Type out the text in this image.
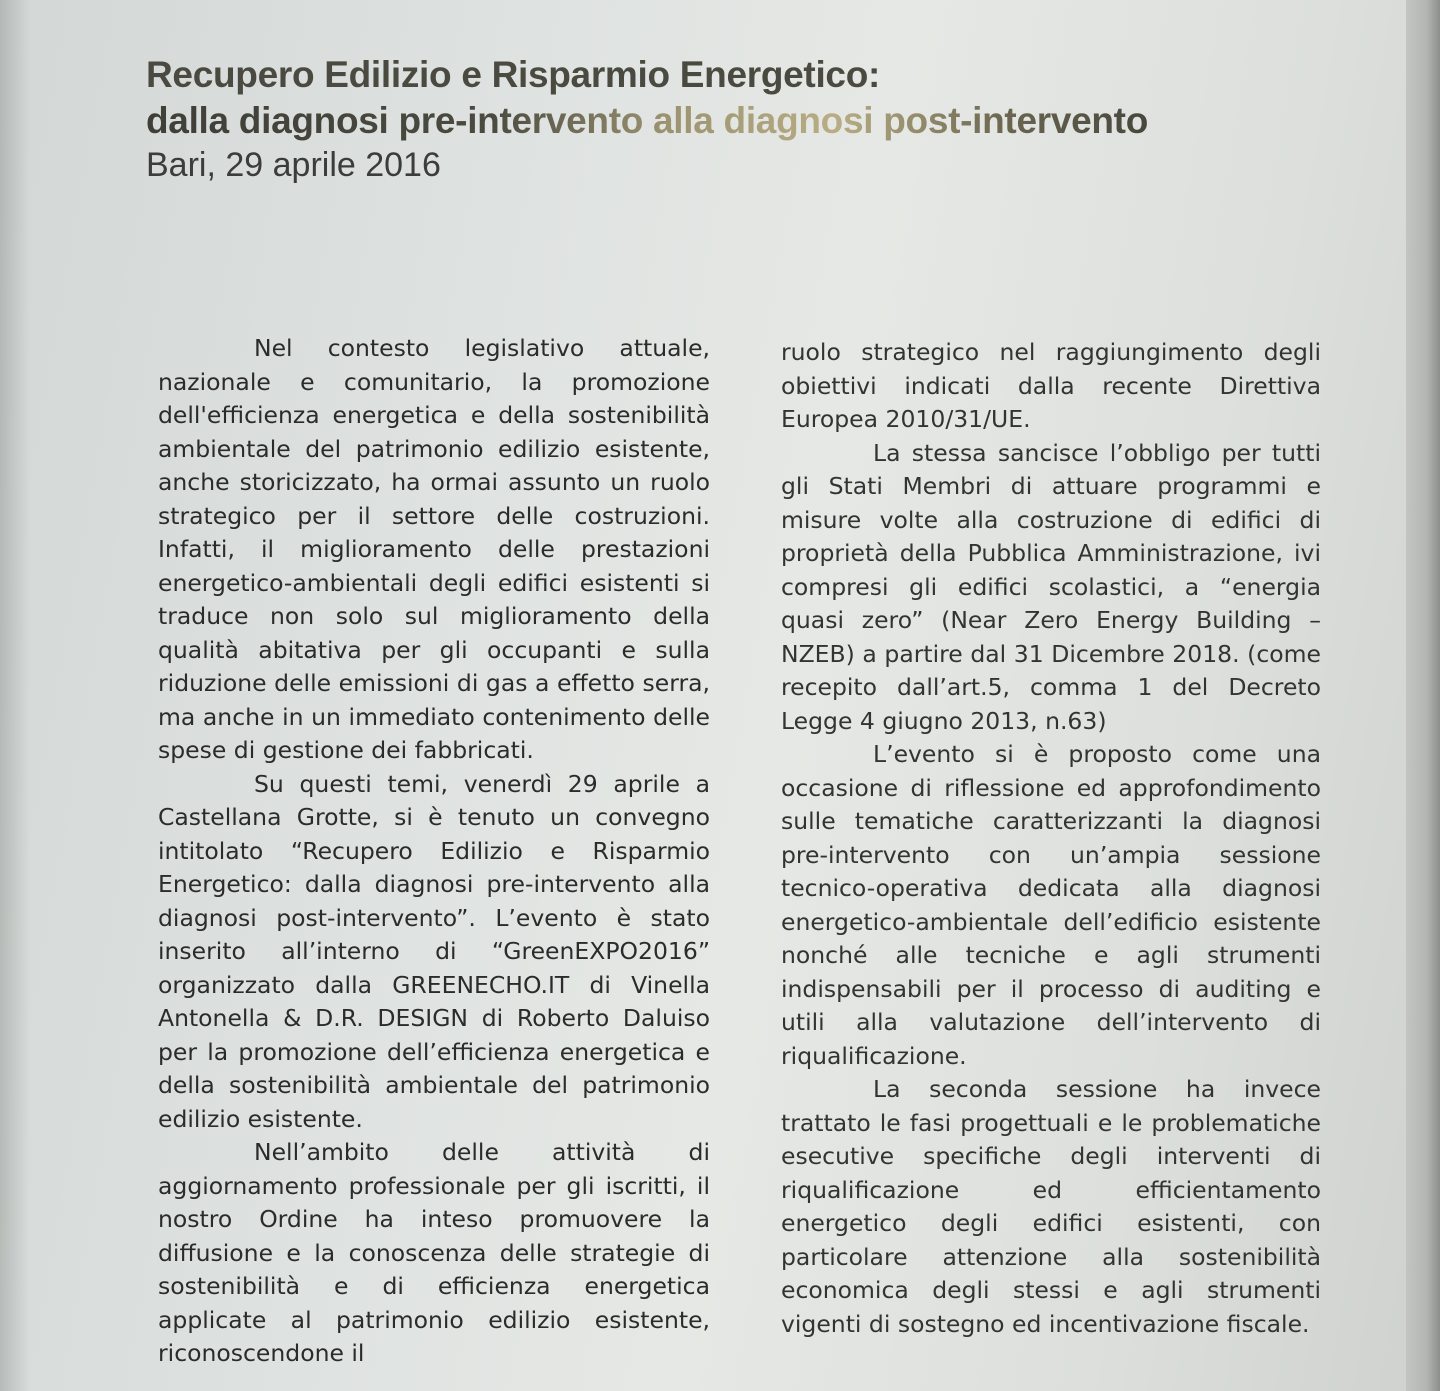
Recupero Edilizio e Risparmio Energetico:
dalla diagnosi pre-intervento alla diagnosi post-intervento
Bari, 29 aprile 2016

Nel contesto legislativo attuale, nazionale e comunitario, la promozione dell'efficienza energetica e della sostenibilità ambientale del patrimonio edilizio esistente, anche storicizzato, ha ormai assunto un ruolo strategico per il settore delle costruzioni. Infatti, il miglioramento delle prestazioni energetico-ambientali degli edifici esistenti si traduce non solo sul miglioramento della qualità abitativa per gli occupanti e sulla riduzione delle emissioni di gas a effetto serra, ma anche in un immediato contenimento delle spese di gestione dei fabbricati.

Su questi temi, venerdì 29 aprile a Castellana Grotte, si è tenuto un convegno intitolato “Recupero Edilizio e Risparmio Energetico: dalla diagnosi pre-intervento alla diagnosi post-intervento”. L’evento è stato inserito all’interno di “GreenEXPO2016” organizzato dalla GREENECHO.IT di Vinella Antonella & D.R. DESIGN di Roberto Daluiso per la promozione dell’efficienza energetica e della sostenibilità ambientale del patrimonio edilizio esistente.

Nell’ambito delle attività di aggiornamento professionale per gli iscritti, il nostro Ordine ha inteso promuovere la diffusione e la conoscenza delle strategie di sostenibilità e di efficienza energetica applicate al patrimonio edilizio esistente, riconoscendone il

ruolo strategico nel raggiungimento degli obiettivi indicati dalla recente Direttiva Europea 2010/31/UE.

La stessa sancisce l’obbligo per tutti gli Stati Membri di attuare programmi e misure volte alla costruzione di edifici di proprietà della Pubblica Amministrazione, ivi compresi gli edifici scolastici, a “energia quasi zero” (Near Zero Energy Building – NZEB) a partire dal 31 Dicembre 2018. (come recepito dall’art.5, comma 1 del Decreto Legge 4 giugno 2013, n.63)

L’evento si è proposto come una occasione di riflessione ed approfondimento sulle tematiche caratterizzanti la diagnosi pre-intervento con un’ampia sessione tecnico-operativa dedicata alla diagnosi energetico-ambientale dell’edificio esistente nonché alle tecniche e agli strumenti indispensabili per il processo di auditing e utili alla valutazione dell’intervento di riqualificazione.

La seconda sessione ha invece trattato le fasi progettuali e le problematiche esecutive specifiche degli interventi di riqualificazione ed efficientamento energetico degli edifici esistenti, con particolare attenzione alla sostenibilità economica degli stessi e agli strumenti vigenti di sostegno ed incentivazione fiscale.
